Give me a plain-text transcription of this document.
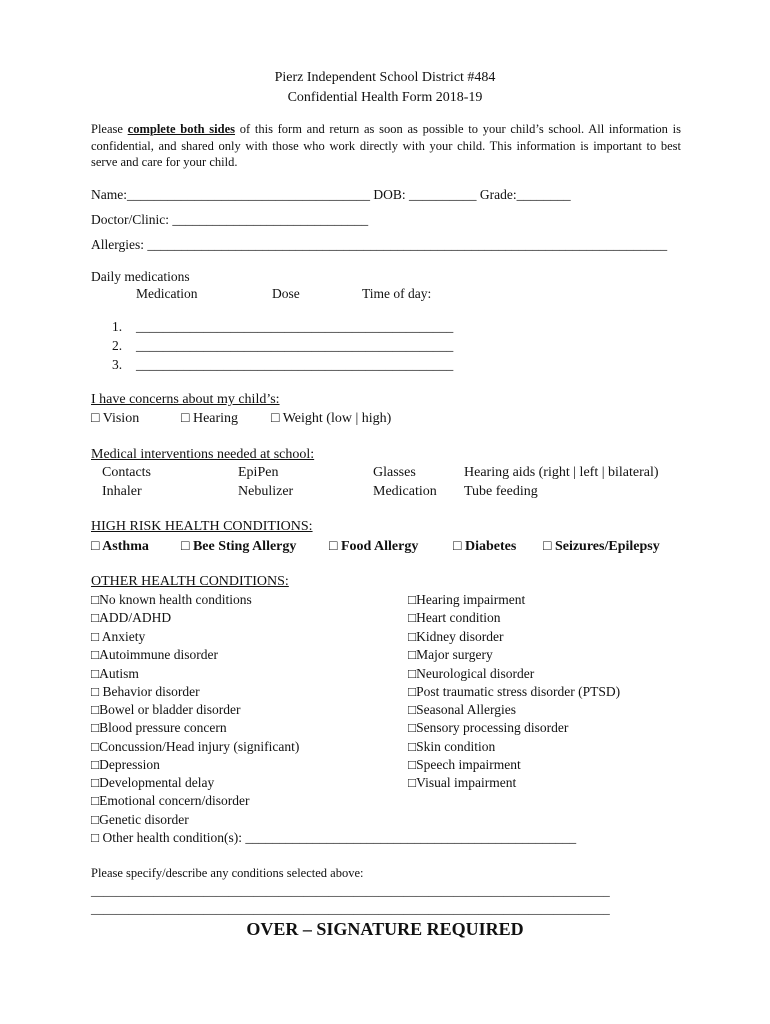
Pierz Independent School District #484
Confidential Health Form 2018-19
Please complete both sides of this form and return as soon as possible to your child’s school. All information is confidential, and shared only with those who work directly with your child. This information is important to best serve and care for your child.
Name:____________________________________ DOB: __________ Grade:________
Doctor/Clinic: _____________________________
Allergies: _____________________________________________________________________________
Daily medications
Medication	Dose	Time of day:
1. _______________________________________________
2. _______________________________________________
3. _______________________________________________
I have concerns about my child’s:
□ Vision	□ Hearing □ Weight (low | high)
Medical interventions needed at school:
Contacts	EpiPen	Glasses	Hearing aids (right | left | bilateral)
Inhaler	Nebulizer	Medication Tube feeding
HIGH RISK HEALTH CONDITIONS:
□ Asthma □ Bee Sting Allergy □ Food Allergy □ Diabetes □ Seizures/Epilepsy
OTHER HEALTH CONDITIONS:
□No known health conditions
□ADD/ADHD
□ Anxiety
□Autoimmune disorder
□Autism
□ Behavior disorder
□Bowel or bladder disorder
□Blood pressure concern
□Concussion/Head injury (significant)
□Depression
□Developmental delay
□Emotional concern/disorder
□Genetic disorder
□ Other health condition(s): _________________________________________________
□Hearing impairment
□Heart condition
□Kidney disorder
□Major surgery
□Neurological disorder
□Post traumatic stress disorder (PTSD)
□Seasonal Allergies
□Sensory processing disorder
□Skin condition
□Speech impairment
□Visual impairment
Please specify/describe any conditions selected above:
___________________________________________________________________________________
___________________________________________________________________________________
OVER – SIGNATURE REQUIRED
